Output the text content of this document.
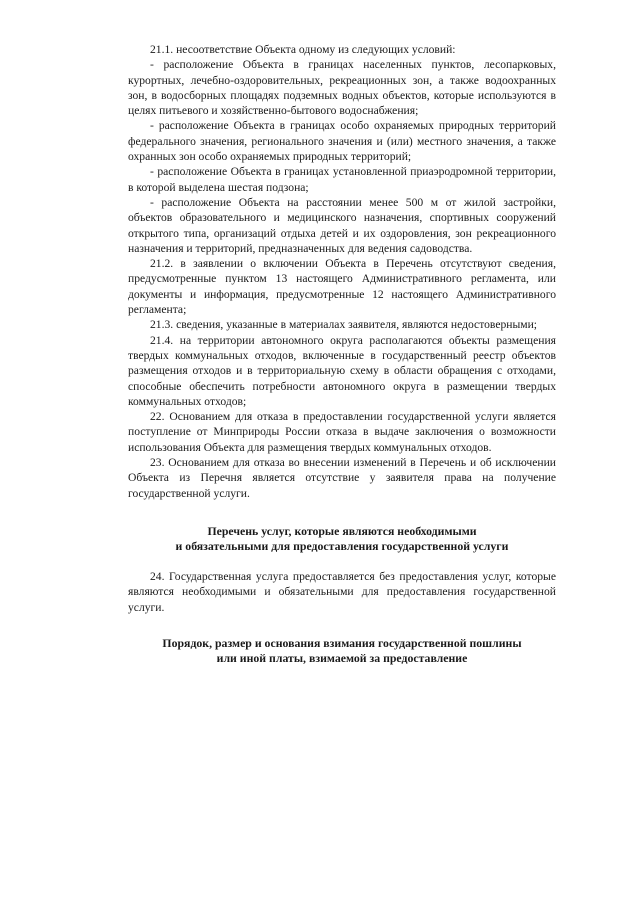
21.1. несоответствие Объекта одному из следующих условий:

- расположение Объекта в границах населенных пунктов, лесопарковых, курортных, лечебно-оздоровительных, рекреационных зон, а также водоохранных зон, в водосборных площадях подземных водных объектов, которые используются в целях питьевого и хозяйственно-бытового водоснабжения;

- расположение Объекта в границах особо охраняемых природных территорий федерального значения, регионального значения и (или) местного значения, а также охранных зон особо охраняемых природных территорий;

- расположение Объекта в границах установленной приаэродромной территории, в которой выделена шестая подзона;

- расположение Объекта на расстоянии менее 500 м от жилой застройки, объектов образовательного и медицинского назначения, спортивных сооружений открытого типа, организаций отдыха детей и их оздоровления, зон рекреационного назначения и территорий, предназначенных для ведения садоводства.

21.2. в заявлении о включении Объекта в Перечень отсутствуют сведения, предусмотренные пунктом 13 настоящего Административного регламента, или документы и информация, предусмотренные 12 настоящего Административного регламента;

21.3. сведения, указанные в материалах заявителя, являются недостоверными;

21.4. на территории автономного округа располагаются объекты размещения твердых коммунальных отходов, включенные в государственный реестр объектов размещения отходов и в территориальную схему в области обращения с отходами, способные обеспечить потребности автономного округа в размещении твердых коммунальных отходов;

22. Основанием для отказа в предоставлении государственной услуги является поступление от Минприроды России отказа в выдаче заключения о возможности использования Объекта для размещения твердых коммунальных отходов.

23. Основанием для отказа во внесении изменений в Перечень и об исключении Объекта из Перечня является отсутствие у заявителя права на получение государственной услуги.

Перечень услуг, которые являются необходимыми

и обязательными для предоставления государственной услуги

24. Государственная услуга предоставляется без предоставления услуг, которые являются необходимыми и обязательными для предоставления государственной услуги.

Порядок, размер и основания взимания государственной пошлины

или иной платы, взимаемой за предоставление
